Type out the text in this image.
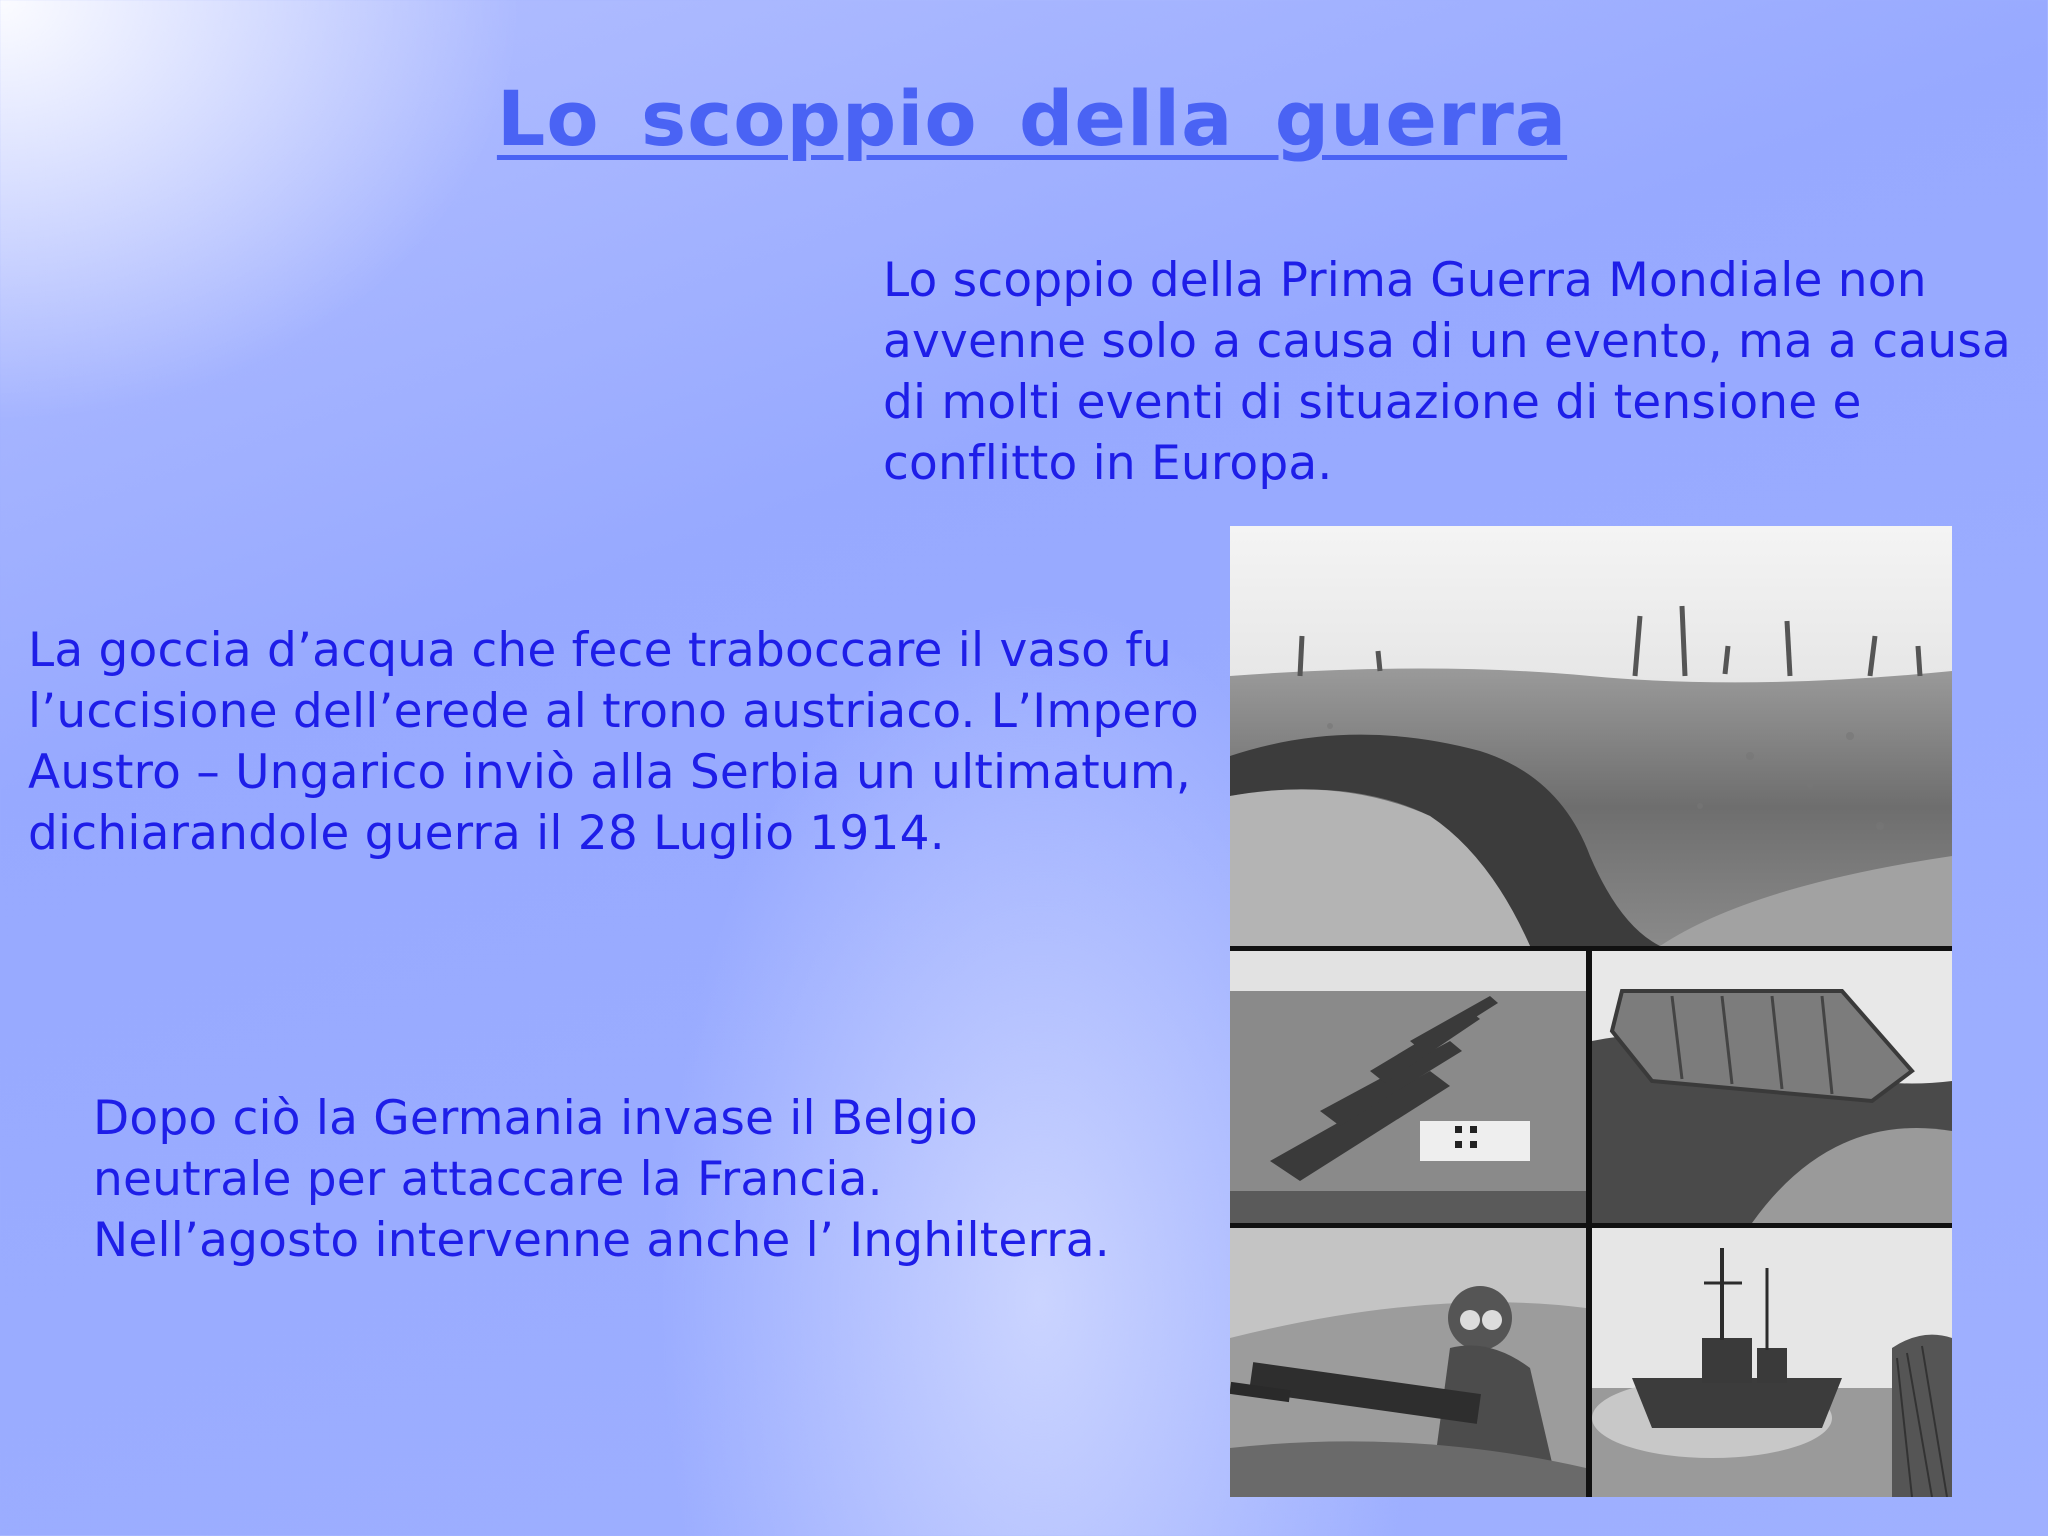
Lo scoppio della guerra

Lo scoppio della Prima Guerra Mondiale non
avvenne solo a causa di un evento, ma a causa
di molti eventi di situazione di tensione e
conflitto in Europa.

La goccia d’acqua che fece traboccare il vaso fu
l’uccisione dell’erede al trono austriaco. L’Impero
Austro – Ungarico inviò alla Serbia un ultimatum,
dichiarandole guerra il 28 Luglio 1914.

Dopo ciò la Germania invase il Belgio
neutrale per attaccare la Francia.
Nell’agosto intervenne anche l’ Inghilterra.
